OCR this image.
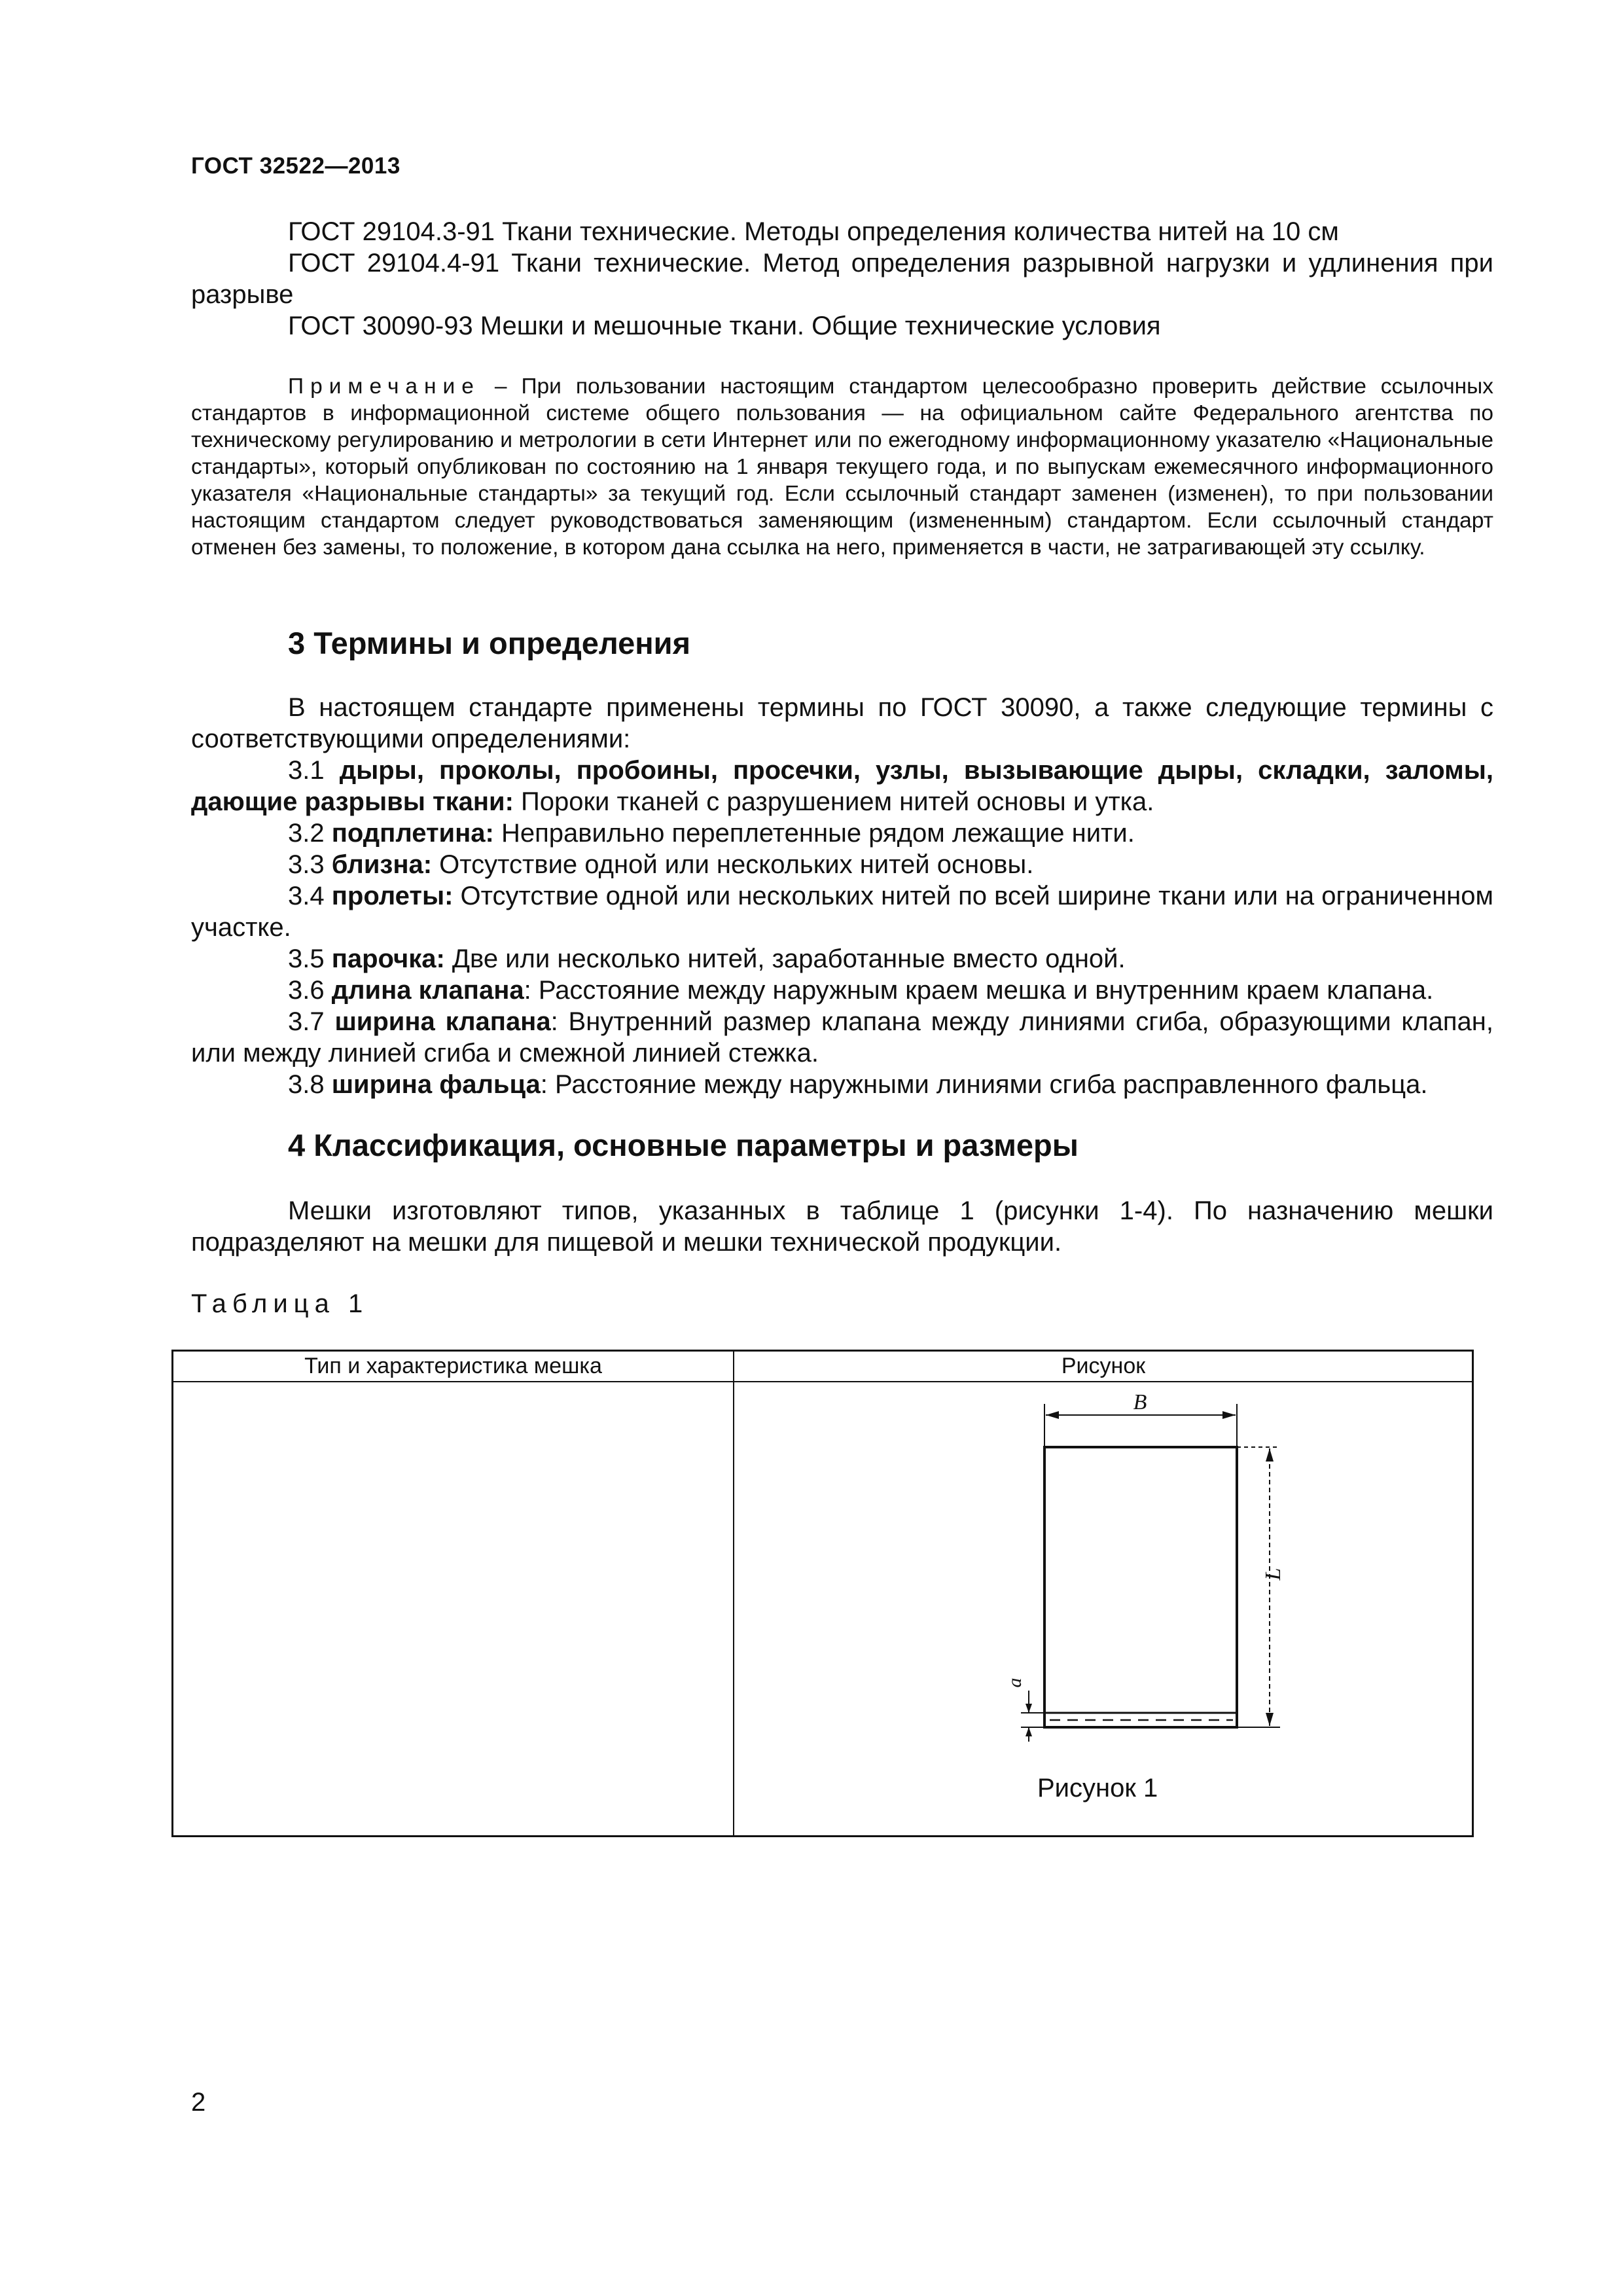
ГОСТ 32522—2013
ГОСТ 29104.3-91 Ткани технические. Методы определения количества нитей на 10 см
ГОСТ 29104.4-91 Ткани технические. Метод определения разрывной нагрузки и удлинения при разрыве
ГОСТ 30090-93 Мешки и мешочные ткани. Общие технические условия
Примечание – При пользовании настоящим стандартом целесообразно проверить действие ссылочных стандартов в информационной системе общего пользования — на официальном сайте Федерального агентства по техническому регулированию и метрологии в сети Интернет или по ежегодному информационному указателю «Национальные стандарты», который опубликован по состоянию на 1 января текущего года, и по выпускам ежемесячного информационного указателя «Национальные стандарты» за текущий год. Если ссылочный стандарт заменен (изменен), то при пользовании настоящим стандартом следует руководствоваться заменяющим (измененным) стандартом. Если ссылочный стандарт отменен без замены, то положение, в котором дана ссылка на него, применяется в части, не затрагивающей эту ссылку.
3 Термины и определения
В настоящем стандарте применены термины по ГОСТ 30090, а также следующие термины с соответствующими определениями:
3.1 дыры, проколы, пробоины, просечки, узлы, вызывающие дыры, складки, заломы, дающие разрывы ткани: Пороки тканей с разрушением нитей основы и утка.
3.2 подплетина: Неправильно переплетенные рядом лежащие нити.
3.3 близна: Отсутствие одной или нескольких нитей основы.
3.4 пролеты: Отсутствие одной или нескольких нитей по всей ширине ткани или на ограниченном участке.
3.5 парочка: Две или несколько нитей, заработанные вместо одной.
3.6 длина клапана: Расстояние между наружным краем мешка и внутренним краем клапана.
3.7 ширина клапана: Внутренний размер клапана между линиями сгиба, образующими клапан, или между линией сгиба и смежной линией стежка.
3.8 ширина фальца: Расстояние между наружными линиями сгиба расправленного фальца.
4 Классификация, основные параметры и размеры
Мешки изготовляют типов, указанных в таблице 1 (рисунки 1-4). По назначению мешки подразделяют на мешки для пищевой и мешки технической продукции.
Таблица 1
Тип и характеристика мешка	Рисунок
B
L
a
Рисунок 1
2
